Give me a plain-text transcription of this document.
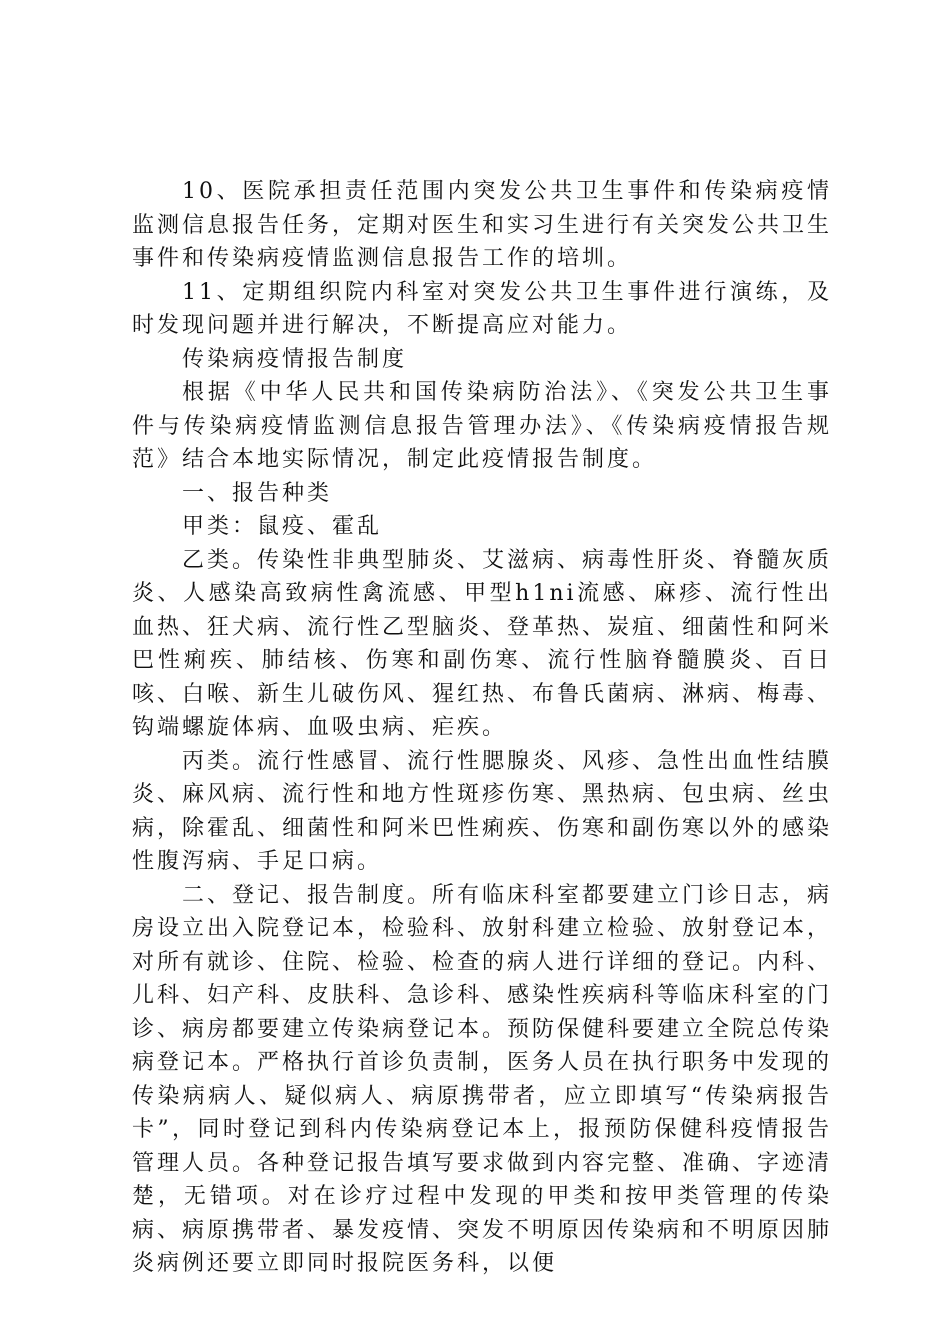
10、医院承担责任范围内突发公共卫生事件和传染病疫情监测信息报告任务，定期对医生和实习生进行有关突发公共卫生事件和传染病疫情监测信息报告工作的培圳。

11、定期组织院内科室对突发公共卫生事件进行演练，及时发现问题并进行解决，不断提高应对能力。

传染病疫情报告制度

根据《中华人民共和国传染病防治法》、《突发公共卫生事件与传染病疫情监测信息报告管理办法》、《传染病疫情报告规范》结合本地实际情况，制定此疫情报告制度。

一、报告种类

甲类：鼠疫、霍乱

乙类。传染性非典型肺炎、艾滋病、病毒性肝炎、脊髓灰质炎、人感染高致病性禽流感、甲型h1ni流感、麻疹、流行性出血热、狂犬病、流行性乙型脑炎、登革热、炭疽、细菌性和阿米巴性痢疾、肺结核、伤寒和副伤寒、流行性脑脊髓膜炎、百日咳、白喉、新生儿破伤风、猩红热、布鲁氏菌病、淋病、梅毒、钩端螺旋体病、血吸虫病、疟疾。

丙类。流行性感冒、流行性腮腺炎、风疹、急性出血性结膜炎、麻风病、流行性和地方性斑疹伤寒、黑热病、包虫病、丝虫病，除霍乱、细菌性和阿米巴性痢疾、伤寒和副伤寒以外的感染性腹泻病、手足口病。

二、登记、报告制度。所有临床科室都要建立门诊日志，病房设立出入院登记本，检验科、放射科建立检验、放射登记本，对所有就诊、住院、检验、检查的病人进行详细的登记。内科、儿科、妇产科、皮肤科、急诊科、感染性疾病科等临床科室的门诊、病房都要建立传染病登记本。预防保健科要建立全院总传染病登记本。严格执行首诊负责制，医务人员在执行职务中发现的传染病病人、疑似病人、病原携带者，应立即填写“传染病报告卡”，同时登记到科内传染病登记本上，报预防保健科疫情报告管理人员。各种登记报告填写要求做到内容完整、准确、字迹清楚，无错项。对在诊疗过程中发现的甲类和按甲类管理的传染病、病原携带者、暴发疫情、突发不明原因传染病和不明原因肺炎病例还要立即同时报院医务科，以便
